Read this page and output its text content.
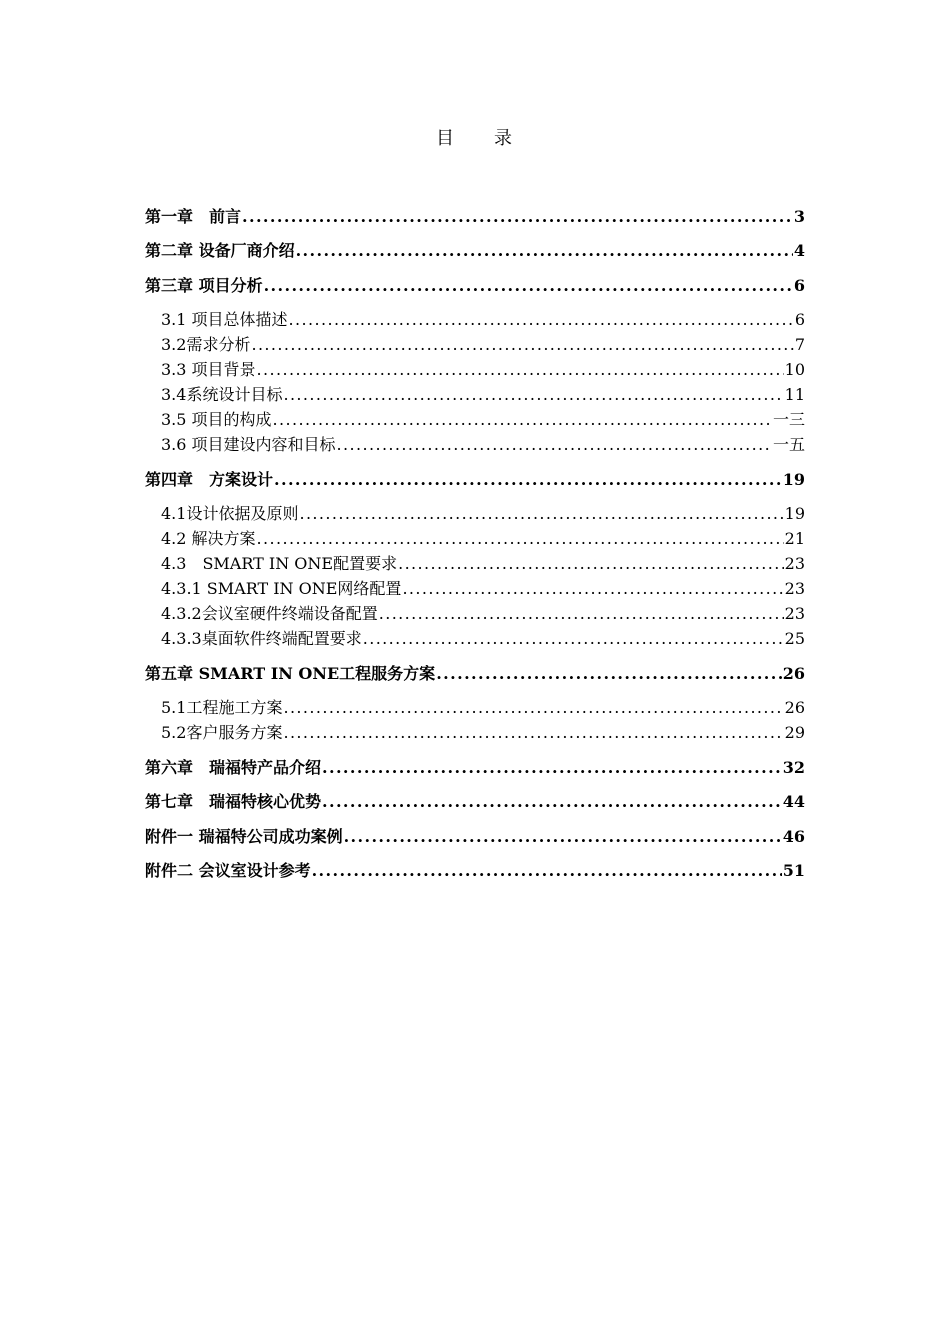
目 录
第一章　前言 .....	3
第二章 设备厂商介绍 .....	4
第三章 项目分析 .....	6
3.1 项目总体描述 .....	6
3.2需求分析 .....	7
3.3 项目背景 .....	10
3.4系统设计目标 .....	11
3.5 项目的构成 .....	一三
3.6 项目建设内容和目标 .....	一五
第四章　方案设计 .....	19
4.1设计依据及原则 .....	19
4.2 解决方案 .....	21
4.3　SMART IN ONE配置要求 .....	23
4.3.1 SMART IN ONE网络配置 .....	23
4.3.2会议室硬件终端设备配置 .....	23
4.3.3桌面软件终端配置要求 .....	25
第五章 SMART IN ONE工程服务方案 .....	26
5.1工程施工方案 .....	26
5.2客户服务方案 .....	29
第六章　瑞福特产品介绍 .....	32
第七章　瑞福特核心优势 .....	44
附件一 瑞福特公司成功案例 .....	46
附件二 会议室设计参考 .....	51
